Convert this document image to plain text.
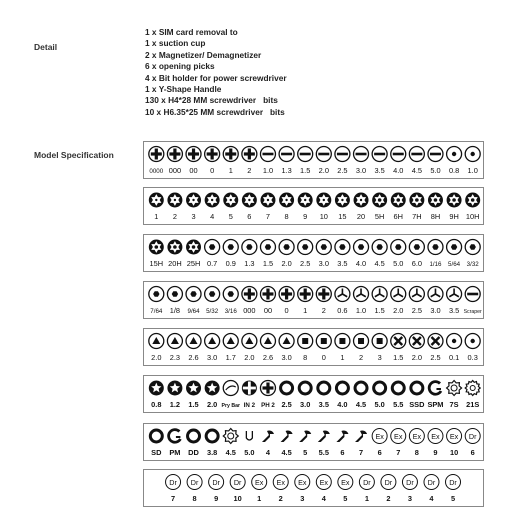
Detail
1 x SIM card removal to
1 x suction cup
2 x Magnetizer/ Demagnetizer
6 x opening picks
4 x Bit holder for power screwdriver
1 x Y-Shape Handle
130 x H4*28 MM screwdriver   bits
10 x H6.35*25 MM screwdriver   bits
Model Specification
0000 000 00 0 1 2 1.0 1.3 1.5 2.0 2.5 3.0 3.5 4.0 4.5 5.0 0.8 1.0
1 2 3 4 5 6 7 8 9 10 15 20 5H 6H 7H 8H 9H 10H
15H 20H 25H 0.7 0.9 1.3 1.5 2.0 2.5 3.0 3.5 4.0 4.5 5.0 6.0 1/16 5/64 3/32
7/64 1/8 9/64 5/32 3/16 000 00 0 1 2 0.6 1.0 1.5 2.0 2.5 3.0 3.5 Scraper
2.0 2.3 2.6 3.0 1.7 2.0 2.6 3.0 8 0 1 2 3 1.5 2.0 2.5 0.1 0.3
0.8 1.2 1.5 2.0 Pry Bar IN 2 PH 2 2.5 3.0 3.5 4.0 4.5 5.0 5.5 SSD SPM 7S 21S
SD PM DD 3.8 4.5 5.0 4 4.5 5 5.5 6 7
Ex
6
Ex
7
Ex
8
Ex
9
Ex
10
Dr
6
Dr
7
Dr
8
Dr
9
Dr
10
Ex
1
Ex
2
Ex
3
Ex
4
Ex
5
Dr
1
Dr
2
Dr
3
Dr
4
Dr
5
